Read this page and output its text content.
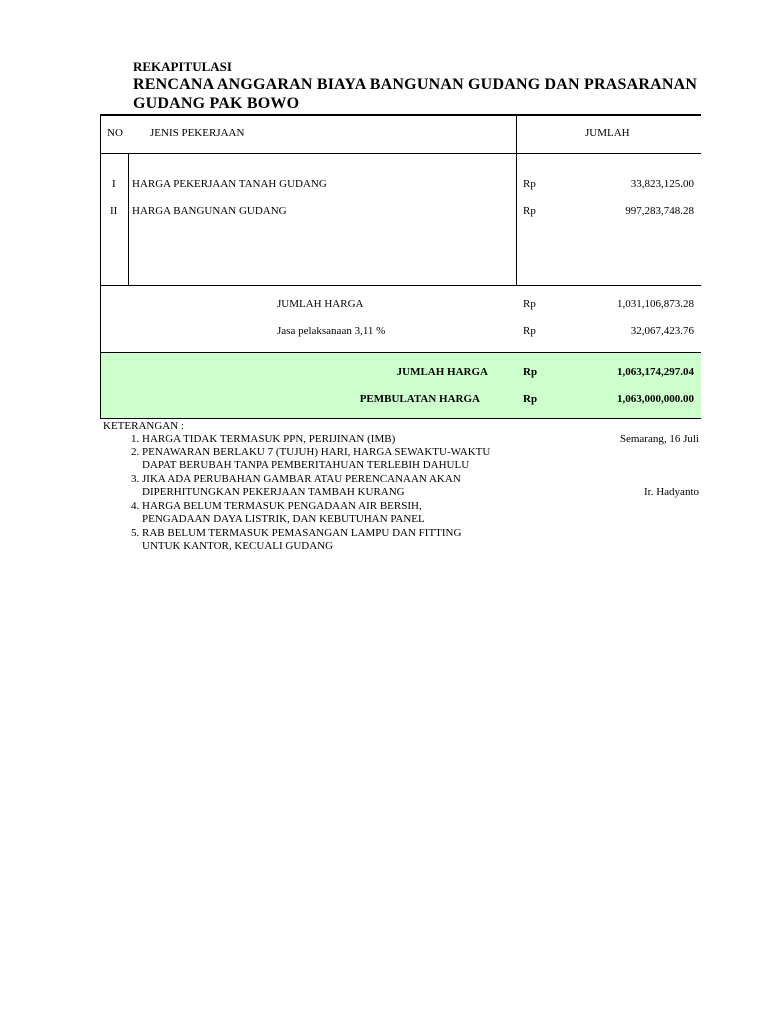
REKAPITULASI
RENCANA ANGGARAN BIAYA BANGUNAN GUDANG DAN PRASARANAN
GUDANG PAK BOWO
NO JENIS PEKERJAAN	JUMLAH
I HARGA PEKERJAAN TANAH GUDANG	Rp	33,823,125.00
II HARGA BANGUNAN GUDANG	Rp	997,283,748.28
JUMLAH HARGA	Rp	1,031,106,873.28
Jasa pelaksanaan 3,11 %	Rp	32,067,423.76
JUMLAH HARGA	Rp	1,063,174,297.04
PEMBULATAN HARGA	Rp	1,063,000,000.00
KETERANGAN :
1. HARGA TIDAK TERMASUK PPN, PERIJINAN (IMB)
2. PENAWARAN BERLAKU 7 (TUJUH) HARI, HARGA SEWAKTU-WAKTU
DAPAT BERUBAH TANPA PEMBERITAHUAN TERLEBIH DAHULU
3. JIKA ADA PERUBAHAN GAMBAR ATAU PERENCANAAN AKAN
DIPERHITUNGKAN PEKERJAAN TAMBAH KURANG
4. HARGA BELUM TERMASUK PENGADAAN AIR BERSIH,
PENGADAAN DAYA LISTRIK, DAN KEBUTUHAN PANEL
5. RAB BELUM TERMASUK PEMASANGAN LAMPU DAN FITTING
UNTUK KANTOR, KECUALI GUDANG
Semarang, 16 Juli
Ir. Hadyanto
